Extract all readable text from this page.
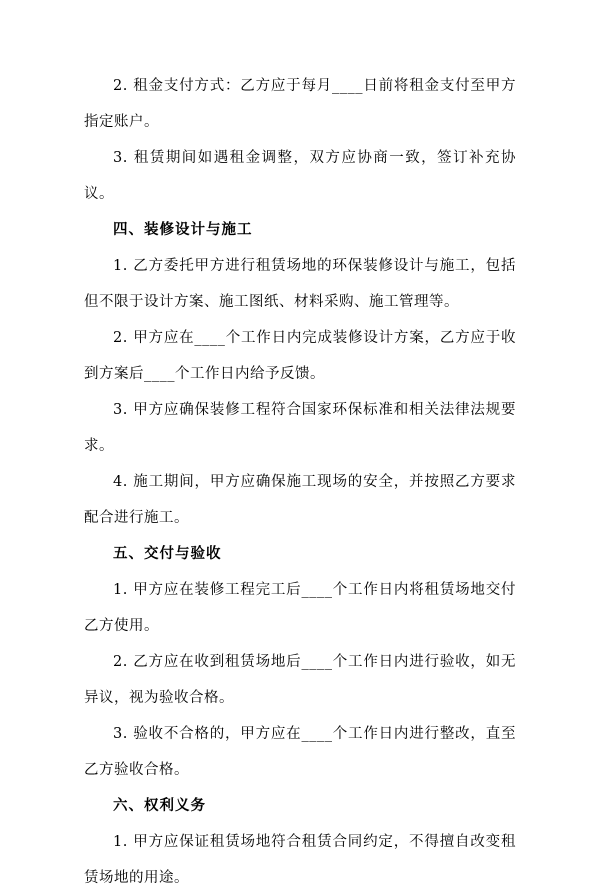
2. 租金支付方式：乙方应于每月____日前将租金支付至甲方指定账户。

3. 租赁期间如遇租金调整，双方应协商一致，签订补充协议。

四、装修设计与施工

1. 乙方委托甲方进行租赁场地的环保装修设计与施工，包括但不限于设计方案、施工图纸、材料采购、施工管理等。

2. 甲方应在____个工作日内完成装修设计方案，乙方应于收到方案后____个工作日内给予反馈。

3. 甲方应确保装修工程符合国家环保标准和相关法律法规要求。

4. 施工期间，甲方应确保施工现场的安全，并按照乙方要求配合进行施工。

五、交付与验收

1. 甲方应在装修工程完工后____个工作日内将租赁场地交付乙方使用。

2. 乙方应在收到租赁场地后____个工作日内进行验收，如无异议，视为验收合格。

3. 验收不合格的，甲方应在____个工作日内进行整改，直至乙方验收合格。

六、权利义务

1. 甲方应保证租赁场地符合租赁合同约定，不得擅自改变租赁场地的用途。
